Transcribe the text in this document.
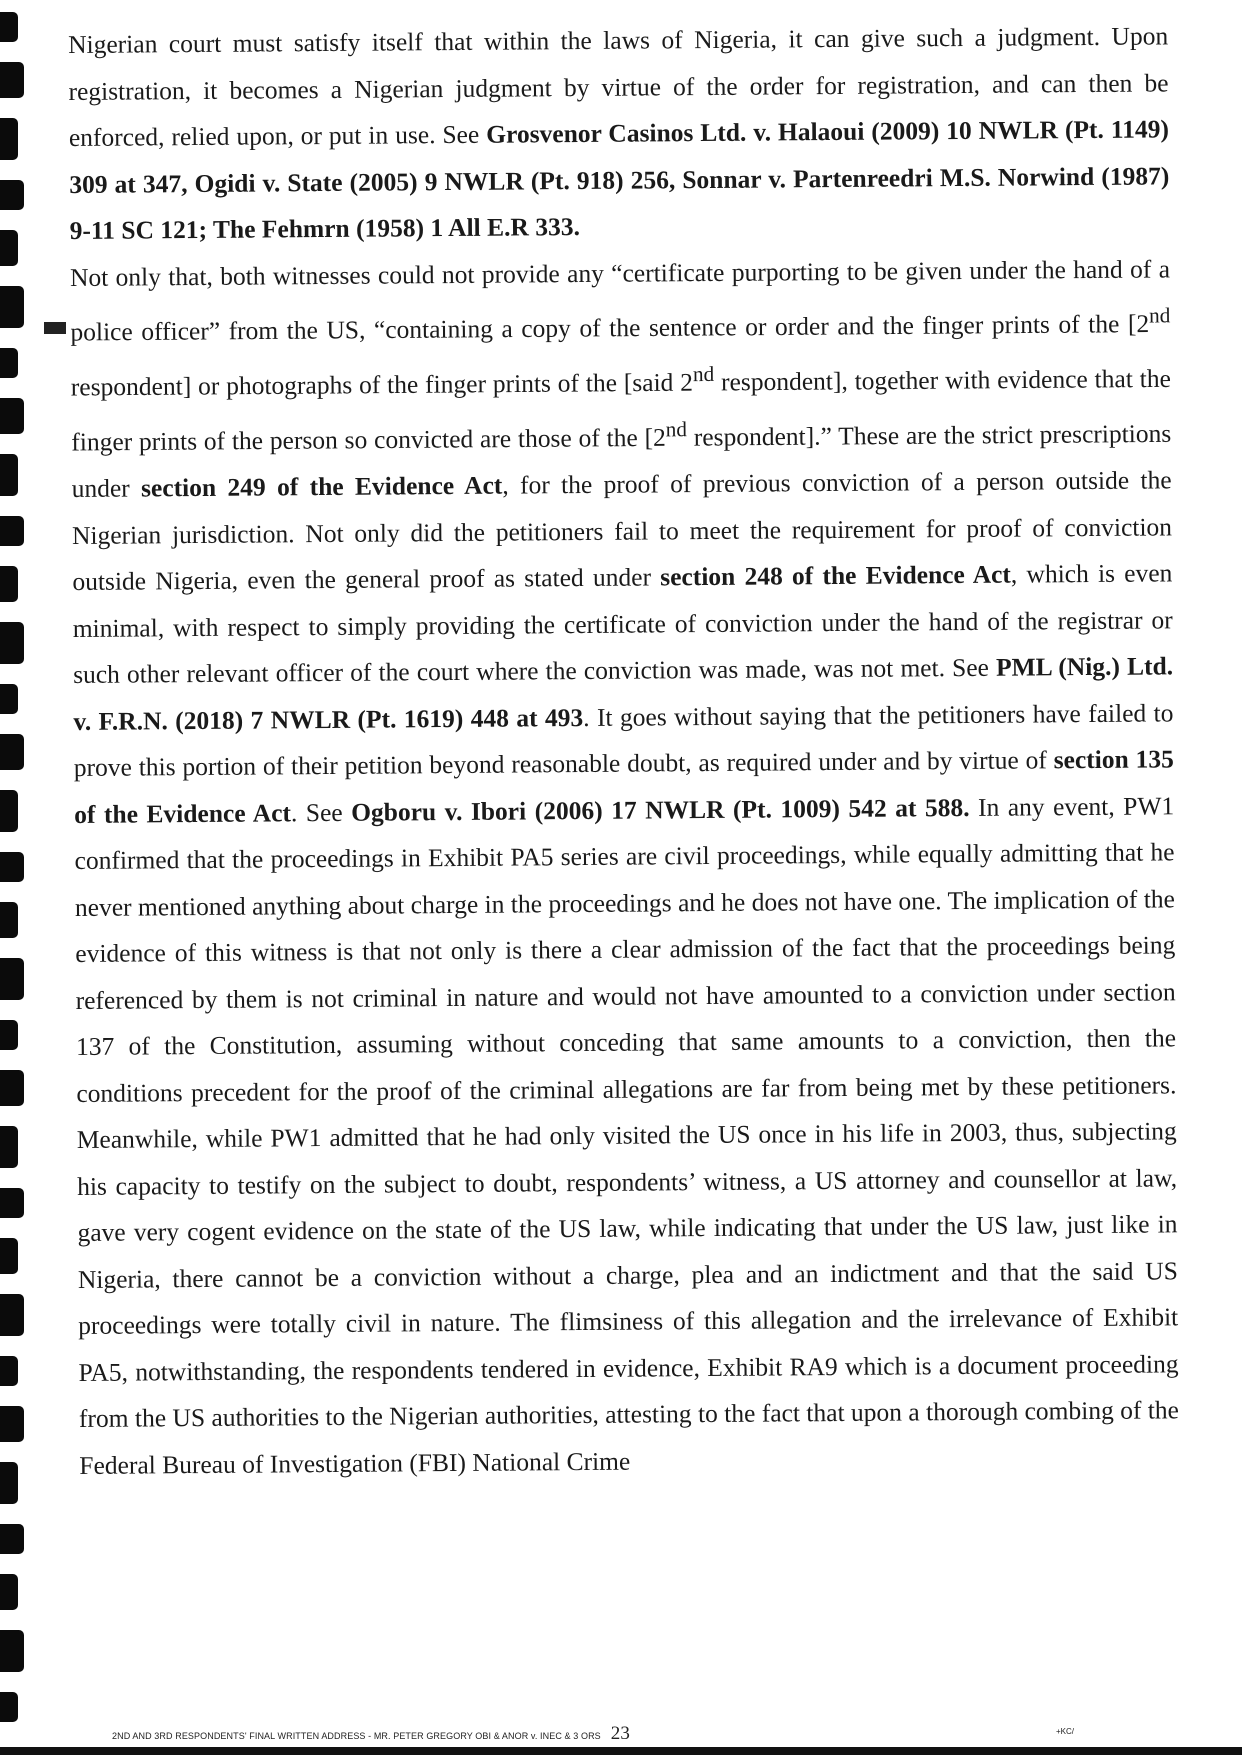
Nigerian court must satisfy itself that within the laws of Nigeria, it can give such a judgment. Upon registration, it becomes a Nigerian judgment by virtue of the order for registration, and can then be enforced, relied upon, or put in use. See Grosvenor Casinos Ltd. v. Halaoui (2009) 10 NWLR (Pt. 1149) 309 at 347, Ogidi v. State (2005) 9 NWLR (Pt. 918) 256, Sonnar v. Partenreedri M.S. Norwind (1987) 9-11 SC 121; The Fehmrn (1958) 1 All E.R 333.

Not only that, both witnesses could not provide any “certificate purporting to be given under the hand of a police officer” from the US, “containing a copy of the sentence or order and the finger prints of the [2nd respondent] or photographs of the finger prints of the [said 2nd respondent], together with evidence that the finger prints of the person so convicted are those of the [2nd respondent].” These are the strict prescriptions under section 249 of the Evidence Act, for the proof of previous conviction of a person outside the Nigerian jurisdiction. Not only did the petitioners fail to meet the requirement for proof of conviction outside Nigeria, even the general proof as stated under section 248 of the Evidence Act, which is even minimal, with respect to simply providing the certificate of conviction under the hand of the registrar or such other relevant officer of the court where the conviction was made, was not met. See PML (Nig.) Ltd. v. F.R.N. (2018) 7 NWLR (Pt. 1619) 448 at 493. It goes without saying that the petitioners have failed to prove this portion of their petition beyond reasonable doubt, as required under and by virtue of section 135 of the Evidence Act. See Ogboru v. Ibori (2006) 17 NWLR (Pt. 1009) 542 at 588. In any event, PW1 confirmed that the proceedings in Exhibit PA5 series are civil proceedings, while equally admitting that he never mentioned anything about charge in the proceedings and he does not have one. The implication of the evidence of this witness is that not only is there a clear admission of the fact that the proceedings being referenced by them is not criminal in nature and would not have amounted to a conviction under section 137 of the Constitution, assuming without conceding that same amounts to a conviction, then the conditions precedent for the proof of the criminal allegations are far from being met by these petitioners. Meanwhile, while PW1 admitted that he had only visited the US once in his life in 2003, thus, subjecting his capacity to testify on the subject to doubt, respondents’ witness, a US attorney and counsellor at law, gave very cogent evidence on the state of the US law, while indicating that under the US law, just like in Nigeria, there cannot be a conviction without a charge, plea and an indictment and that the said US proceedings were totally civil in nature. The flimsiness of this allegation and the irrelevance of Exhibit PA5, notwithstanding, the respondents tendered in evidence, Exhibit RA9 which is a document proceeding from the US authorities to the Nigerian authorities, attesting to the fact that upon a thorough combing of the Federal Bureau of Investigation (FBI) National Crime

2ND AND 3RD RESPONDENTS' FINAL WRITTEN ADDRESS - MR. PETER GREGORY OBI & ANOR v. INEC & 3 ORS 23	+KC/
